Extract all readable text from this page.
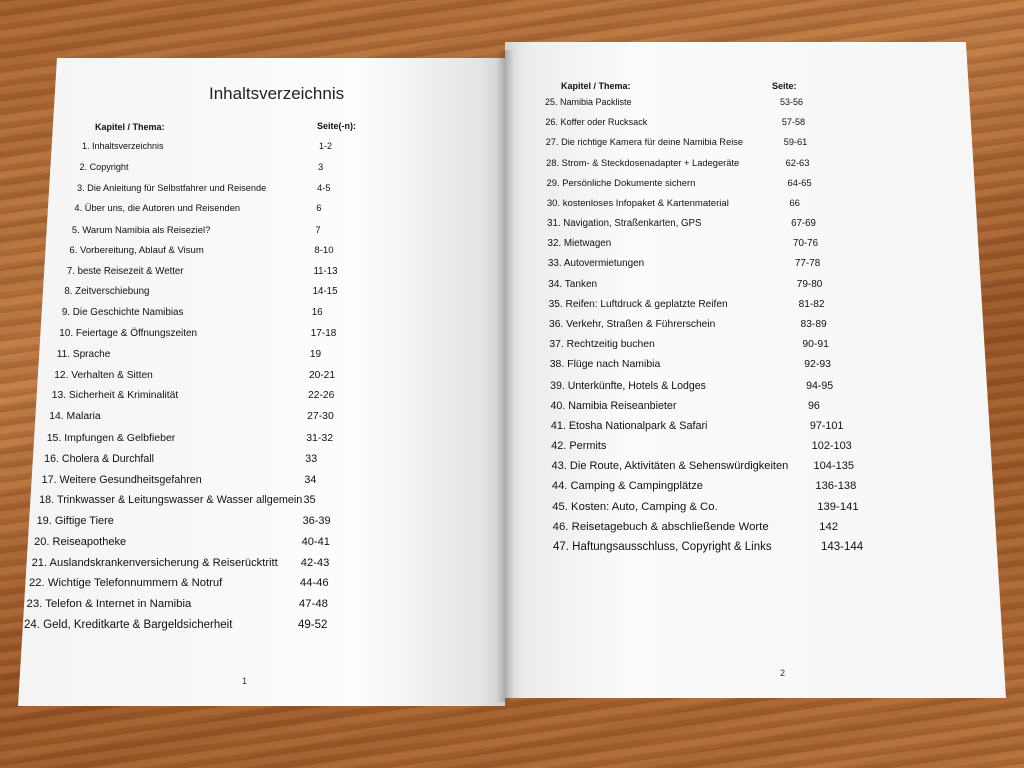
Inhaltsverzeichnis
Kapitel / Thema:	Seite(-n):
1
1. Inhaltsverzeichnis	1-2
2. Copyright	3
3. Die Anleitung für Selbstfahrer und Reisende	4-5
4. Über uns, die Autoren und Reisenden	6
5. Warum Namibia als Reiseziel?	7
6. Vorbereitung, Ablauf & Visum	8-10
7. beste Reisezeit & Wetter	11-13
8. Zeitverschiebung	14-15
9. Die Geschichte Namibias	16
10. Feiertage & Öffnungszeiten	17-18
11. Sprache	19
12. Verhalten & Sitten	20-21
13. Sicherheit & Kriminalität	22-26
14. Malaria	27-30
15. Impfungen & Gelbfieber	31-32
16. Cholera & Durchfall	33
17. Weitere Gesundheitsgefahren	34
18. Trinkwasser & Leitungswasser & Wasser allgemein 35
19. Giftige Tiere	36-39
20. Reiseapotheke	40-41
21. Auslandskrankenversicherung & Reiserücktritt 42-43
22. Wichtige Telefonnummern & Notruf	44-46
23. Telefon & Internet in Namibia	47-48
24. Geld, Kreditkarte & Bargeldsicherheit	49-52
Kapitel / Thema:	Seite:
2
25. Namibia Packliste	53-56
26. Koffer oder Rucksack	57-58
27. Die richtige Kamera für deine Namibia Reise	59-61
28. Strom- & Steckdosenadapter + Ladegeräte	62-63
29. Persönliche Dokumente sichern	64-65
30. kostenloses Infopaket & Kartenmaterial	66
31. Navigation, Straßenkarten, GPS	67-69
32. Mietwagen	70-76
33. Autovermietungen	77-78
34. Tanken	79-80
35. Reifen: Luftdruck & geplatzte Reifen	81-82
36. Verkehr, Straßen & Führerschein	83-89
37. Rechtzeitig buchen	90-91
38. Flüge nach Namibia	92-93
39. Unterkünfte, Hotels & Lodges	94-95
40. Namibia Reiseanbieter	96
41. Etosha Nationalpark & Safari	97-101
42. Permits	102-103
43. Die Route, Aktivitäten & Sehenswürdigkeiten 104-135
44. Camping & Campingplätze	136-138
45. Kosten: Auto, Camping & Co.	139-141
46. Reisetagebuch & abschließende Worte	142
47. Haftungsausschluss, Copyright & Links	143-144
